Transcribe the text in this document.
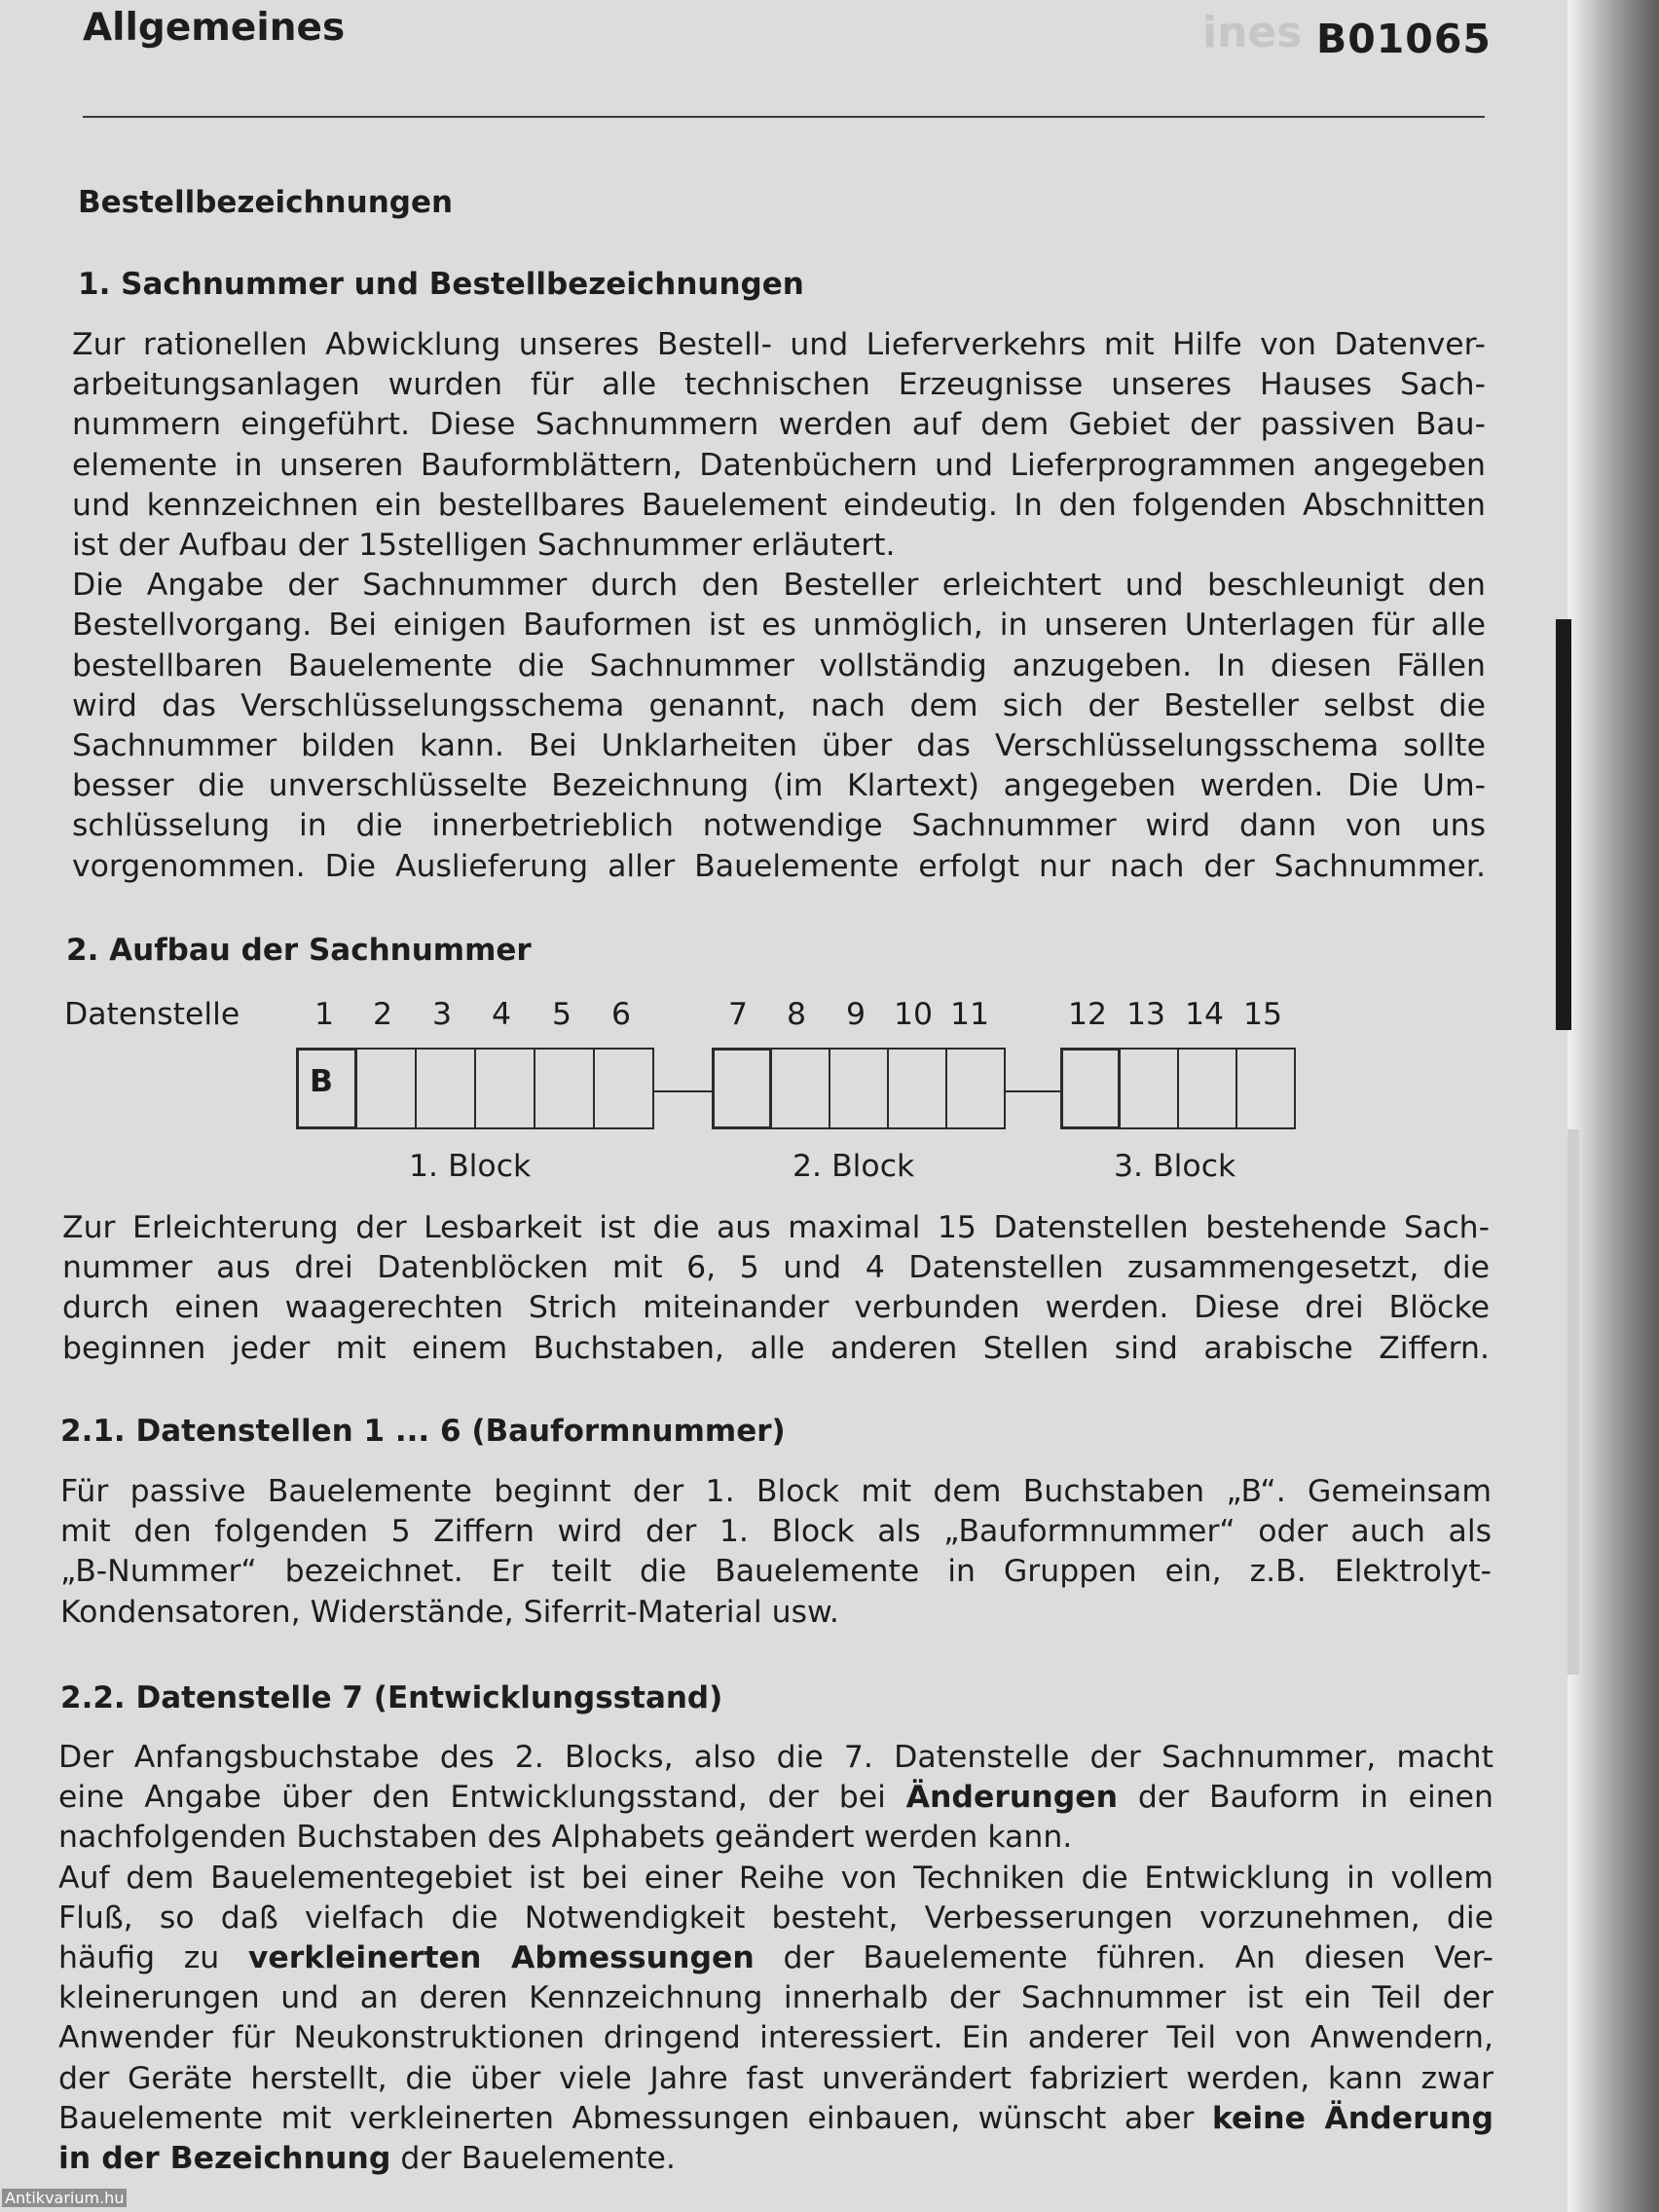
ines
Allgemeines	B01065
Bestellbezeichnungen
1. Sachnummer und Bestellbezeichnungen
Zur rationellen Abwicklung unseres Bestell- und Lieferverkehrs mit Hilfe von Datenver-
arbeitungsanlagen wurden für alle technischen Erzeugnisse unseres Hauses Sach-
nummern eingeführt. Diese Sachnummern werden auf dem Gebiet der passiven Bau-
elemente in unseren Bauformblättern, Datenbüchern und Lieferprogrammen angegeben
und kennzeichnen ein bestellbares Bauelement eindeutig. In den folgenden Abschnitten
ist der Aufbau der 15stelligen Sachnummer erläutert.
Die Angabe der Sachnummer durch den Besteller erleichtert und beschleunigt den
Bestellvorgang. Bei einigen Bauformen ist es unmöglich, in unseren Unterlagen für alle
bestellbaren Bauelemente die Sachnummer vollständig anzugeben. In diesen Fällen
wird das Verschlüsselungsschema genannt, nach dem sich der Besteller selbst die
Sachnummer bilden kann. Bei Unklarheiten über das Verschlüsselungsschema sollte
besser die unverschlüsselte Bezeichnung (im Klartext) angegeben werden. Die Um-
schlüsselung in die innerbetrieblich notwendige Sachnummer wird dann von uns
vorgenommen. Die Auslieferung aller Bauelemente erfolgt nur nach der Sachnummer.
2. Aufbau der Sachnummer
Datenstelle 1 2 3 4 5 6	7 8 9 10 11	12 13 14 15
B
1. Block	2. Block	3. Block
Zur Erleichterung der Lesbarkeit ist die aus maximal 15 Datenstellen bestehende Sach-
nummer aus drei Datenblöcken mit 6, 5 und 4 Datenstellen zusammengesetzt, die
durch einen waagerechten Strich miteinander verbunden werden. Diese drei Blöcke
beginnen jeder mit einem Buchstaben, alle anderen Stellen sind arabische Ziffern.
2.1. Datenstellen 1 ... 6 (Bauformnummer)
Für passive Bauelemente beginnt der 1. Block mit dem Buchstaben „B“. Gemeinsam
mit den folgenden 5 Ziffern wird der 1. Block als „Bauformnummer“ oder auch als
„B-Nummer“ bezeichnet. Er teilt die Bauelemente in Gruppen ein, z.B. Elektrolyt-
Kondensatoren, Widerstände, Siferrit-Material usw.
2.2. Datenstelle 7 (Entwicklungsstand)
Der Anfangsbuchstabe des 2. Blocks, also die 7. Datenstelle der Sachnummer, macht
eine Angabe über den Entwicklungsstand, der bei Änderungen der Bauform in einen
nachfolgenden Buchstaben des Alphabets geändert werden kann.
Auf dem Bauelementegebiet ist bei einer Reihe von Techniken die Entwicklung in vollem
Fluß, so daß vielfach die Notwendigkeit besteht, Verbesserungen vorzunehmen, die
häufig zu verkleinerten Abmessungen der Bauelemente führen. An diesen Ver-
kleinerungen und an deren Kennzeichnung innerhalb der Sachnummer ist ein Teil der
Anwender für Neukonstruktionen dringend interessiert. Ein anderer Teil von Anwendern,
der Geräte herstellt, die über viele Jahre fast unverändert fabriziert werden, kann zwar
Bauelemente mit verkleinerten Abmessungen einbauen, wünscht aber keine Änderung
in der Bezeichnung der Bauelemente.
Antikvarium.hu
